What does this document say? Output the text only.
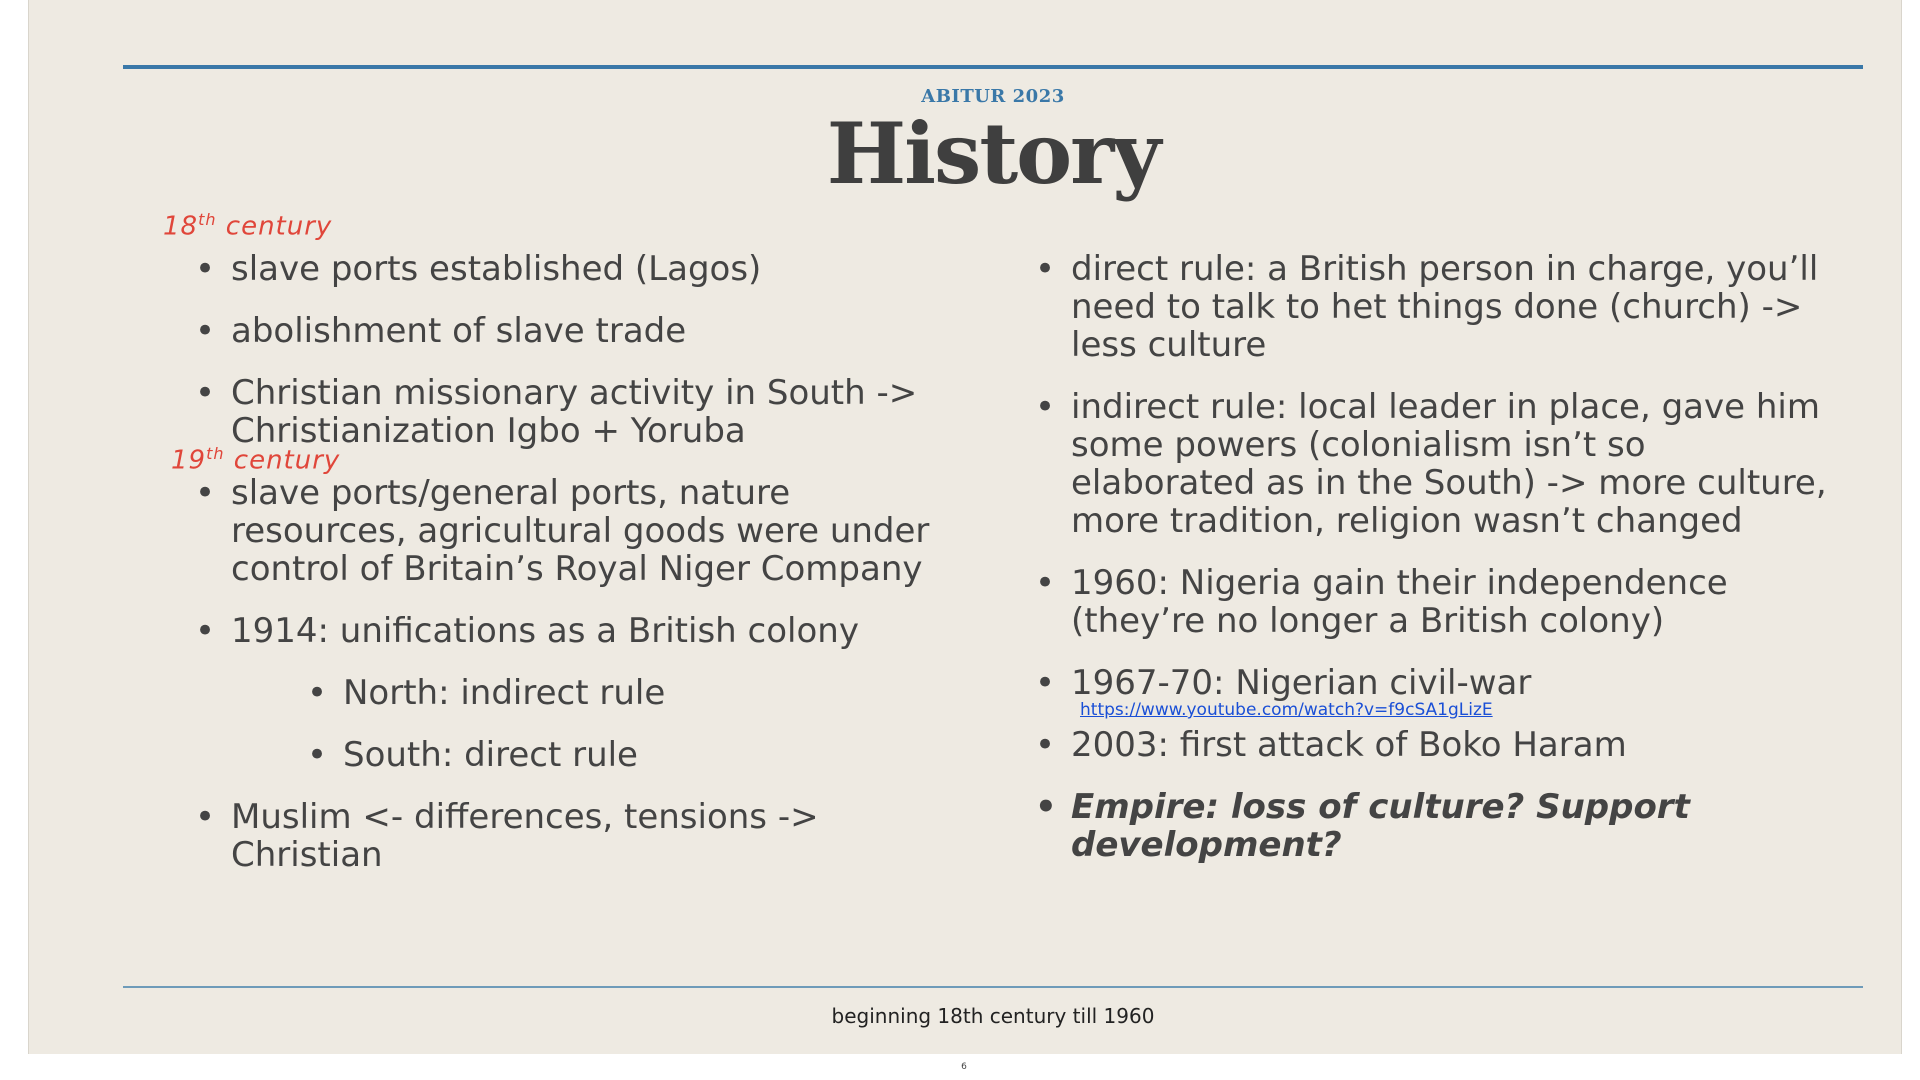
ABITUR 2023
History
18th century
19th century
• slave ports established (Lagos)
• abolishment of slave trade
• Christian missionary activity in South -> Christianization Igbo + Yoruba
• slave ports/general ports, nature resources, agricultural goods were under control of Britain’s Royal Niger Company
• 1914: unifications as a British colony
• North: indirect rule
• South: direct rule
• Muslim <- differences, tensions -> Christian
• direct rule: a British person in charge, you’ll need to talk to het things done (church) -> less culture
• indirect rule: local leader in place, gave him some powers (colonialism isn’t so elaborated as in the South) -> more culture, more tradition, religion wasn’t changed
• 1960: Nigeria gain their independence (they’re no longer a British colony)
• 1967-70: Nigerian civil-war
• 2003: first attack of Boko Haram
• Empire: loss of culture? Support development?
https://www.youtube.com/watch?v=f9cSA1gLizE
beginning 18th century till 1960
6
